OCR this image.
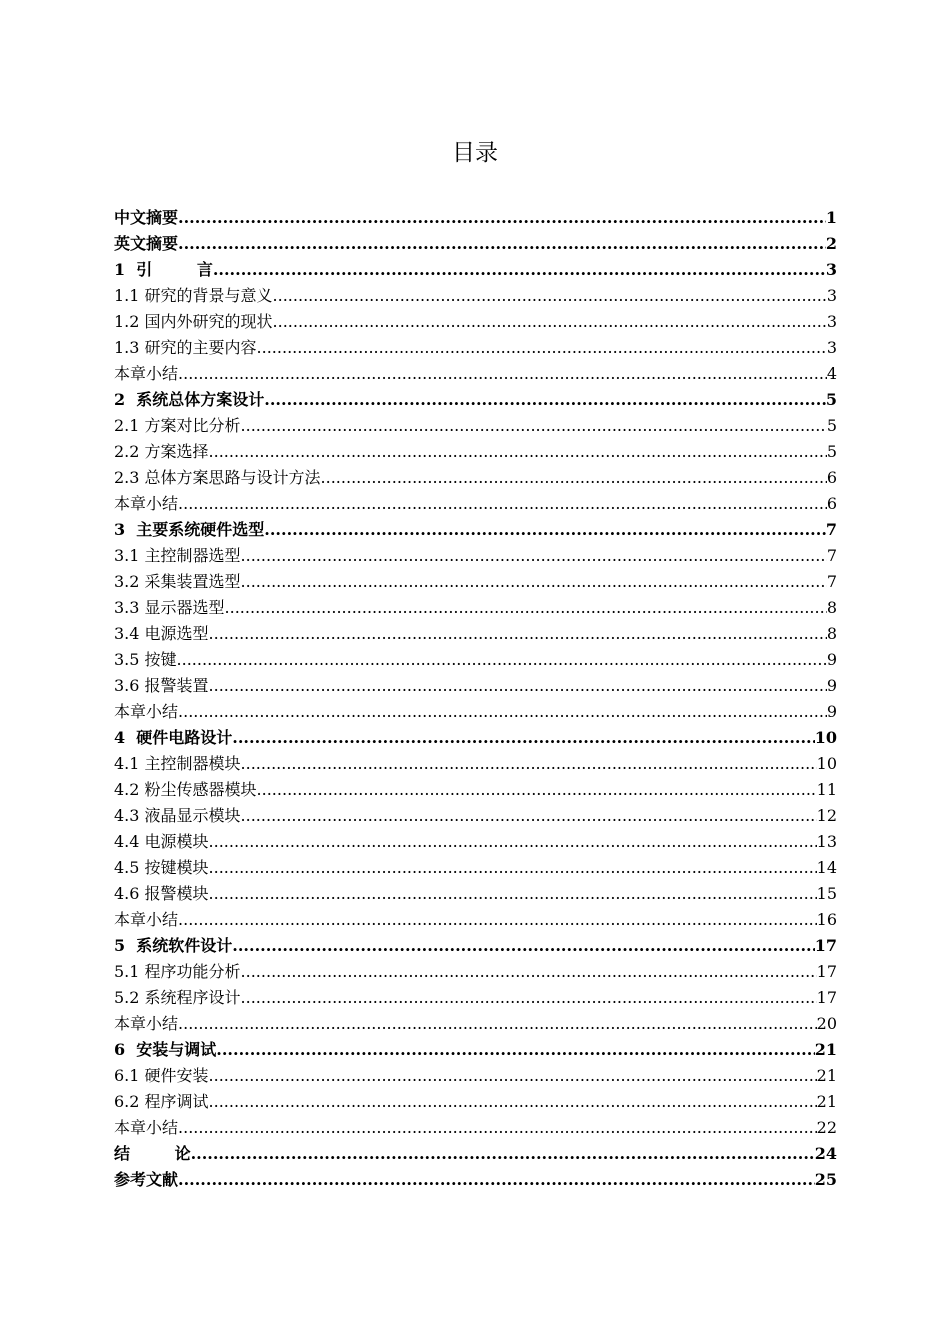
目录
中文摘要 .....	1
英文摘要 .....	2
1  引        言 .....	3
1.1 研究的背景与意义 .....	3
1.2 国内外研究的现状 .....	3
1.3 研究的主要内容 .....	3
本章小结 .....	4
2  系统总体方案设计 .....	5
2.1 方案对比分析 .....	5
2.2 方案选择 .....	5
2.3 总体方案思路与设计方法 .....	6
本章小结 .....	6
3  主要系统硬件选型 .....	7
3.1 主控制器选型 .....	7
3.2 采集装置选型 .....	7
3.3 显示器选型 .....	8
3.4 电源选型 .....	8
3.5 按键 .....	9
3.6 报警装置 .....	9
本章小结 .....	9
4  硬件电路设计 .....	10
4.1 主控制器模块 .....	10
4.2 粉尘传感器模块 .....	11
4.3 液晶显示模块 .....	12
4.4 电源模块 .....	13
4.5 按键模块 .....	14
4.6 报警模块 .....	15
本章小结 .....	16
5  系统软件设计 .....	17
5.1 程序功能分析 .....	17
5.2 系统程序设计 .....	17
本章小结 .....	20
6  安装与调试 .....	21
6.1 硬件安装 .....	21
6.2 程序调试 .....	21
本章小结 .....	22
结        论 .....	24
参考文献 .....	25
